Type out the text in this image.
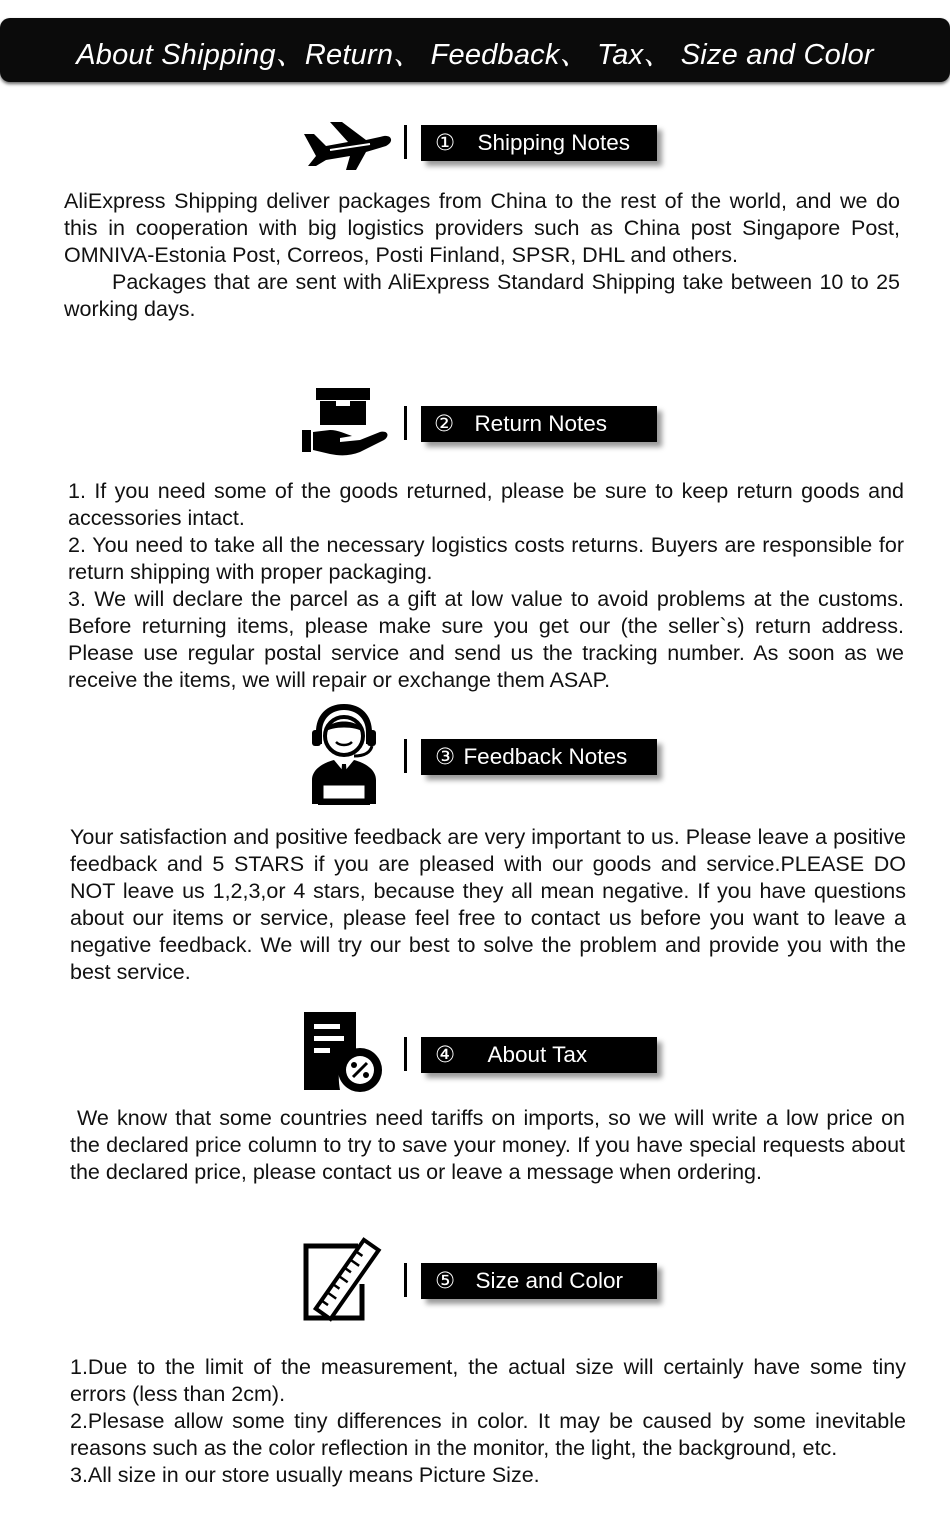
About Shipping、Return、 Feedback、 Tax、 Size and Color
① Shipping Notes

AliExpress Shipping deliver packages from China to the rest of the world, and we do this in cooperation with big logistics providers such as China post Singapore Post, OMNIVA-Estonia Post, Correos, Posti Finland, SPSR, DHL and others.

Packages that are sent with AliExpress Standard Shipping take between 10 to 25 working days.

② Return Notes

1. If you need some of the goods returned, please be sure to keep return goods and accessories intact.

2. You need to take all the necessary logistics costs returns. Buyers are responsible for return shipping with proper packaging.

3. We will declare the parcel as a gift at low value to avoid problems at the customs. Before returning items, please make sure you get our (the seller`s) return address. Please use regular postal service and send us the tracking number. As soon as we receive the items, we will repair or exchange them ASAP.

③ Feedback Notes

Your satisfaction and positive feedback are very important to us. Please leave a positive feedback and 5 STARS if you are pleased with our goods and service.PLEASE DO NOT leave us 1,2,3,or 4 stars, because they all mean negative. If you have questions about our items or service, please feel free to contact us before you want to leave a negative feedback. We will try our best to solve the problem and provide you with the best service.

④ About Tax

We know that some countries need tariffs on imports, so we will write a low price on the declared price column to try to save your money. If you have special requests about the declared price, please contact us or leave a message when ordering.

⑤ Size and Color

1.Due to the limit of the measurement, the actual size will certainly have some tiny errors (less than 2cm).

2.Plesase allow some tiny differences in color. It may be caused by some inevitable reasons such as the color reflection in the monitor, the light, the background, etc.

3.All size in our store usually means Picture Size.
